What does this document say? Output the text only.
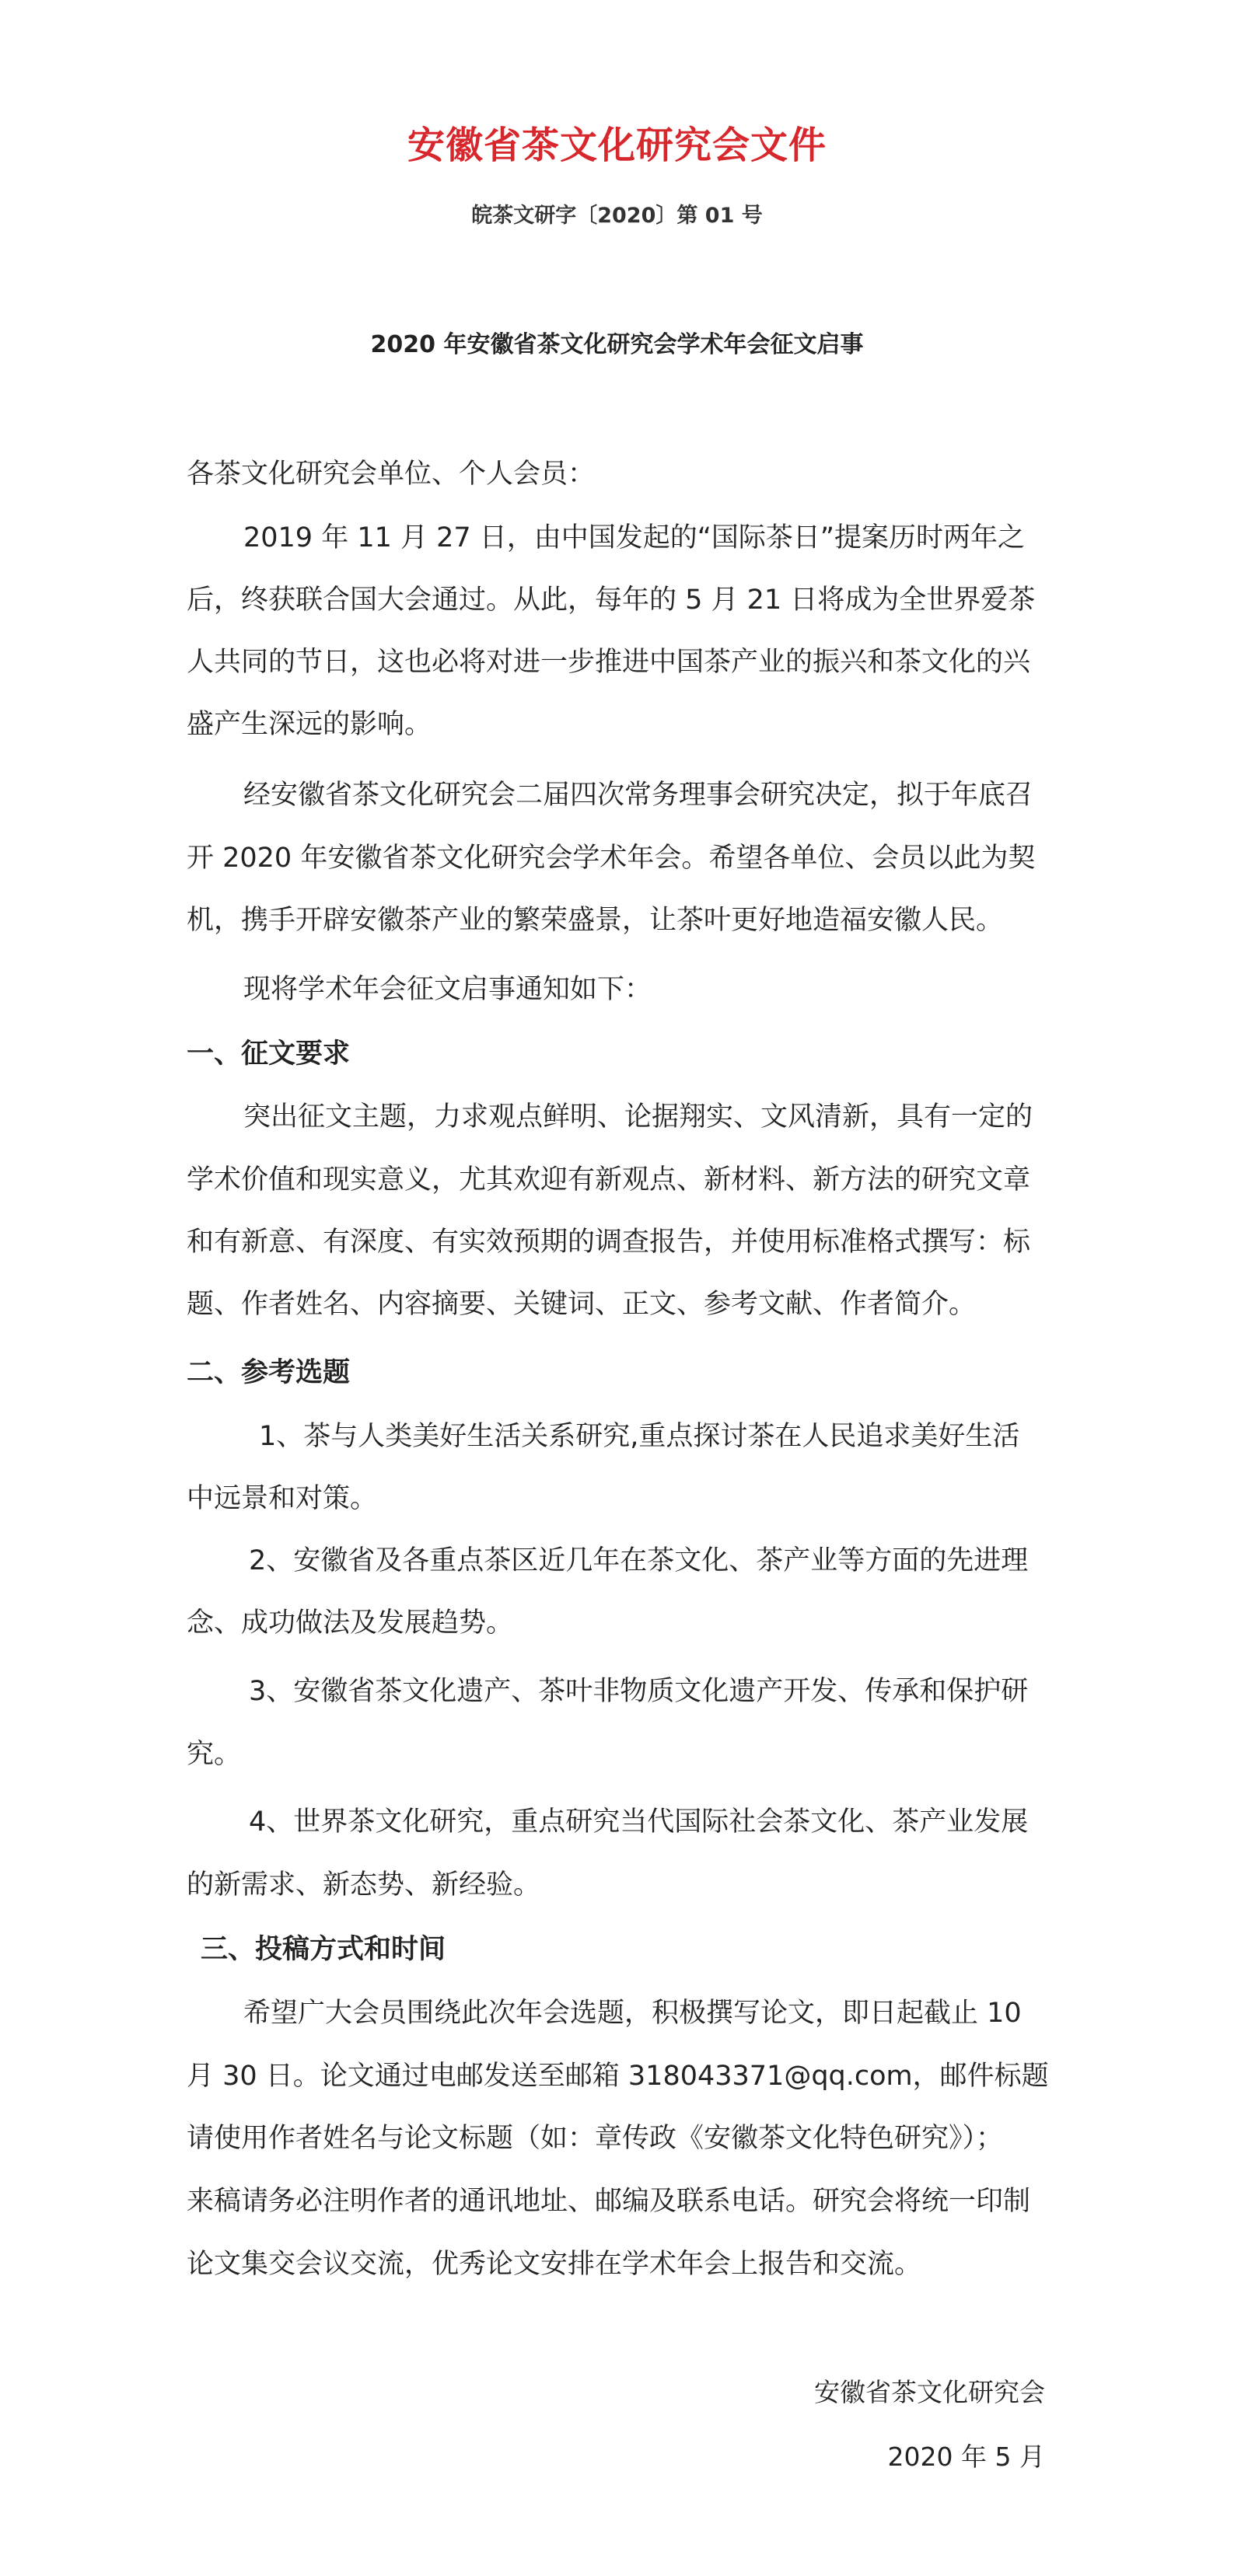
安徽省茶文化研究会文件
皖茶文研字〔2020〕第 01 号
2020 年安徽省茶文化研究会学术年会征文启事
各茶文化研究会单位、个人会员：
2019 年 11 月 27 日，由中国发起的“国际茶日”提案历时两年之
后，终获联合国大会通过。从此，每年的 5 月 21 日将成为全世界爱茶
人共同的节日，这也必将对进一步推进中国茶产业的振兴和茶文化的兴
盛产生深远的影响。
经安徽省茶文化研究会二届四次常务理事会研究决定，拟于年底召
开 2020 年安徽省茶文化研究会学术年会。希望各单位、会员以此为契
机，携手开辟安徽茶产业的繁荣盛景，让茶叶更好地造福安徽人民。
现将学术年会征文启事通知如下：
一、征文要求
突出征文主题，力求观点鲜明、论据翔实、文风清新，具有一定的
学术价值和现实意义，尤其欢迎有新观点、新材料、新方法的研究文章
和有新意、有深度、有实效预期的调查报告，并使用标准格式撰写：标
题、作者姓名、内容摘要、关键词、正文、参考文献、作者简介。
二、参考选题
1、茶与人类美好生活关系研究,重点探讨茶在人民追求美好生活
中远景和对策。
2、安徽省及各重点茶区近几年在茶文化、茶产业等方面的先进理
念、成功做法及发展趋势。
3、安徽省茶文化遗产、茶叶非物质文化遗产开发、传承和保护研
究。
4、世界茶文化研究，重点研究当代国际社会茶文化、茶产业发展
的新需求、新态势、新经验。
三、投稿方式和时间
希望广大会员围绕此次年会选题，积极撰写论文，即日起截止 10
月 30 日。论文通过电邮发送至邮箱 318043371@qq.com，邮件标题
请使用作者姓名与论文标题（如：章传政《安徽茶文化特色研究》）；
来稿请务必注明作者的通讯地址、邮编及联系电话。研究会将统一印制
论文集交会议交流，优秀论文安排在学术年会上报告和交流。
安徽省茶文化研究会
2020 年 5 月
